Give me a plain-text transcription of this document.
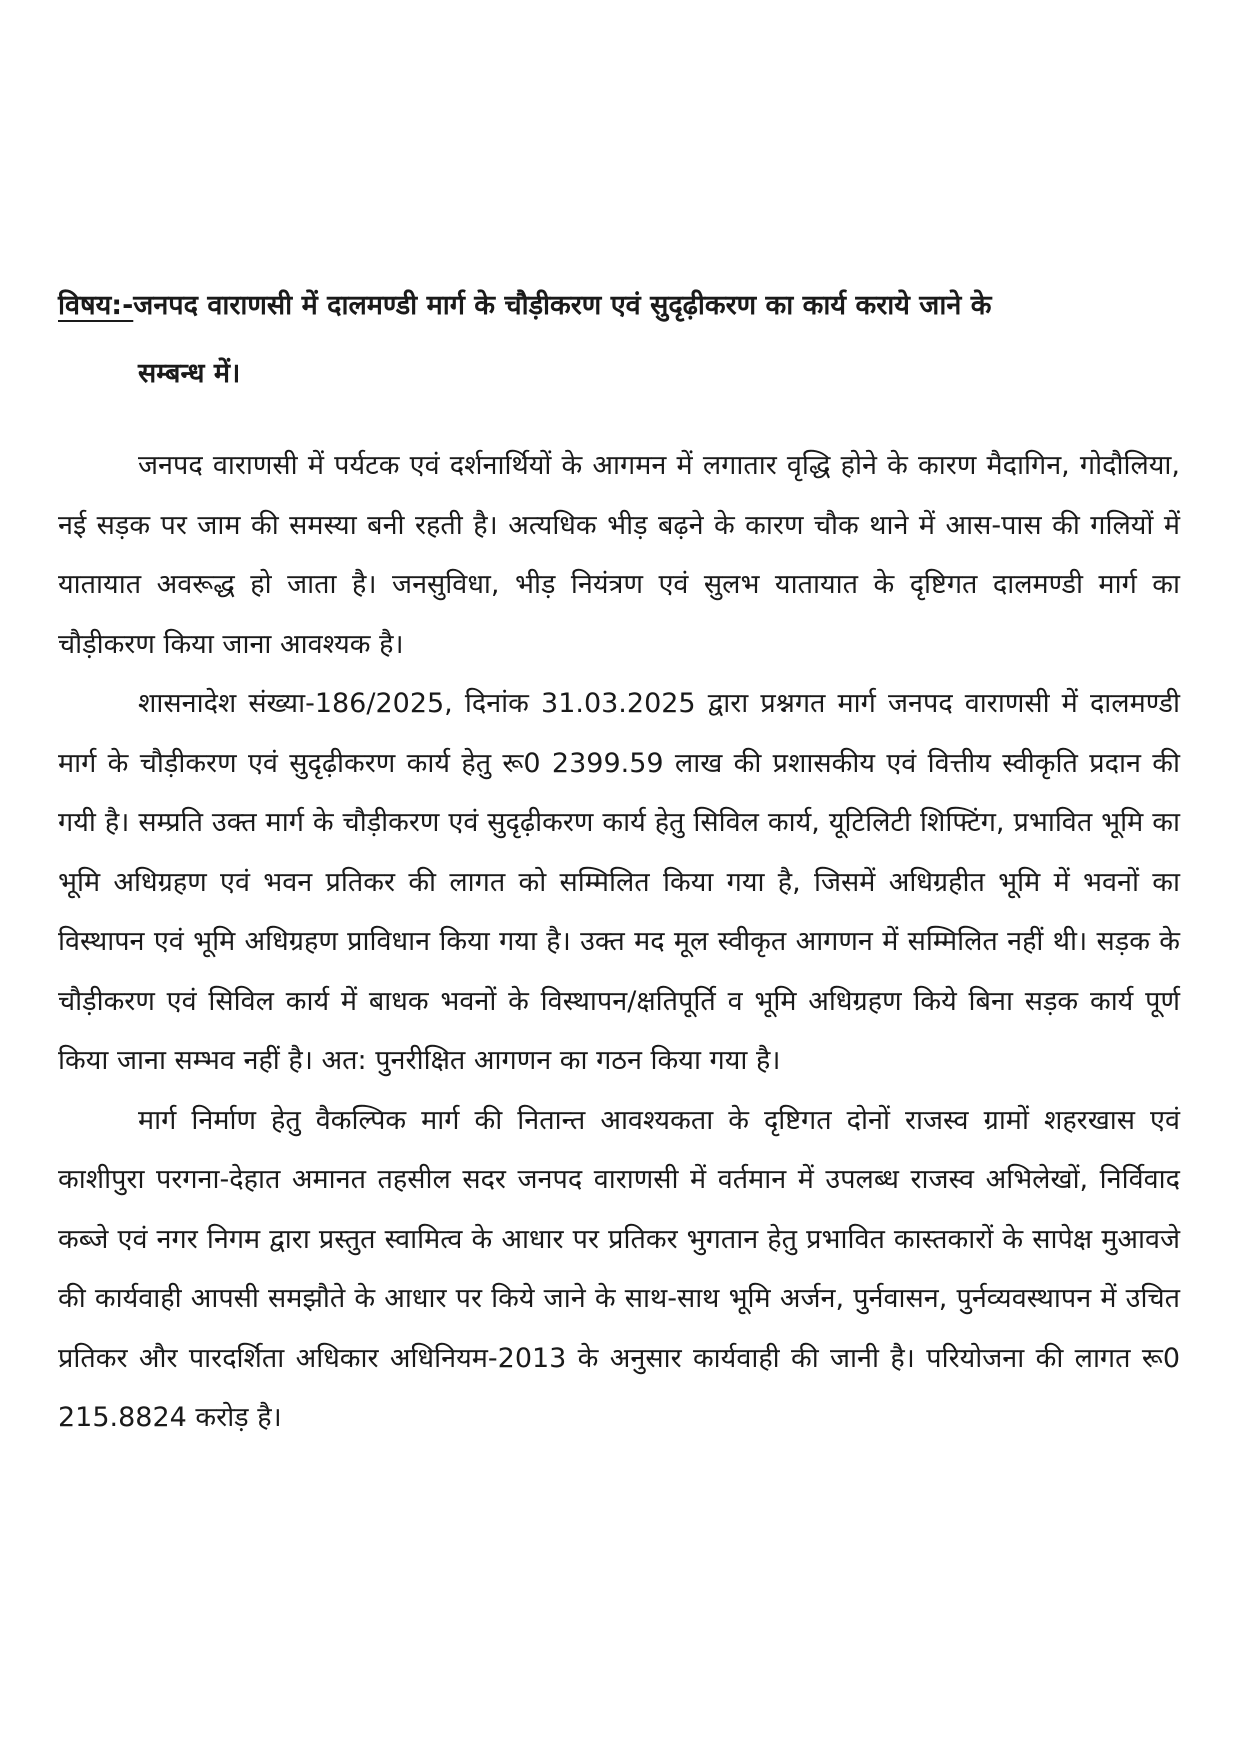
विषय:-जनपद वाराणसी में दालमण्डी मार्ग के चौड़ीकरण एवं सुदृढ़ीकरण का कार्य कराये जाने के
सम्बन्ध में।

जनपद वाराणसी में पर्यटक एवं दर्शनार्थियों के आगमन में लगातार वृद्धि होने के कारण मैदागिन, गोदौलिया, नई सड़क पर जाम की समस्या बनी रहती है। अत्यधिक भीड़ बढ़ने के कारण चौक थाने में आस-पास की गलियों में यातायात अवरूद्ध हो जाता है। जनसुविधा, भीड़ नियंत्रण एवं सुलभ यातायात के दृष्टिगत दालमण्डी मार्ग का चौड़ीकरण किया जाना आवश्यक है।

शासनादेश संख्या-186/2025, दिनांक 31.03.2025 द्वारा प्रश्नगत मार्ग जनपद वाराणसी में दालमण्डी मार्ग के चौड़ीकरण एवं सुदृढ़ीकरण कार्य हेतु रू0 2399.59 लाख की प्रशासकीय एवं वित्तीय स्वीकृति प्रदान की गयी है। सम्प्रति उक्त मार्ग के चौड़ीकरण एवं सुदृढ़ीकरण कार्य हेतु सिविल कार्य, यूटिलिटी शिफ्टिंग, प्रभावित भूमि का भूमि अधिग्रहण एवं भवन प्रतिकर की लागत को सम्मिलित किया गया है, जिसमें अधिग्रहीत भूमि में भवनों का विस्थापन एवं भूमि अधिग्रहण प्राविधान किया गया है। उक्त मद मूल स्वीकृत आगणन में सम्मिलित नहीं थी। सड़क के चौड़ीकरण एवं सिविल कार्य में बाधक भवनों के विस्थापन/क्षतिपूर्ति व भूमि अधिग्रहण किये बिना सड़क कार्य पूर्ण किया जाना सम्भव नहीं है। अत: पुनरीक्षित आगणन का गठन किया गया है।

मार्ग निर्माण हेतु वैकल्पिक मार्ग की नितान्त आवश्यकता के दृष्टिगत दोनों राजस्व ग्रामों शहरखास एवं काशीपुरा परगना-देहात अमानत तहसील सदर जनपद वाराणसी में वर्तमान में उपलब्ध राजस्व अभिलेखों, निर्विवाद कब्जे एवं नगर निगम द्वारा प्रस्तुत स्वामित्व के आधार पर प्रतिकर भुगतान हेतु प्रभावित कास्तकारों के सापेक्ष मुआवजे की कार्यवाही आपसी समझौते के आधार पर किये जाने के साथ-साथ भूमि अर्जन, पुर्नवासन, पुर्नव्यवस्थापन में उचित प्रतिकर और पारदर्शिता अधिकार अधिनियम-2013 के अनुसार कार्यवाही की जानी है। परियोजना की लागत रू0 215.8824 करोड़ है।
